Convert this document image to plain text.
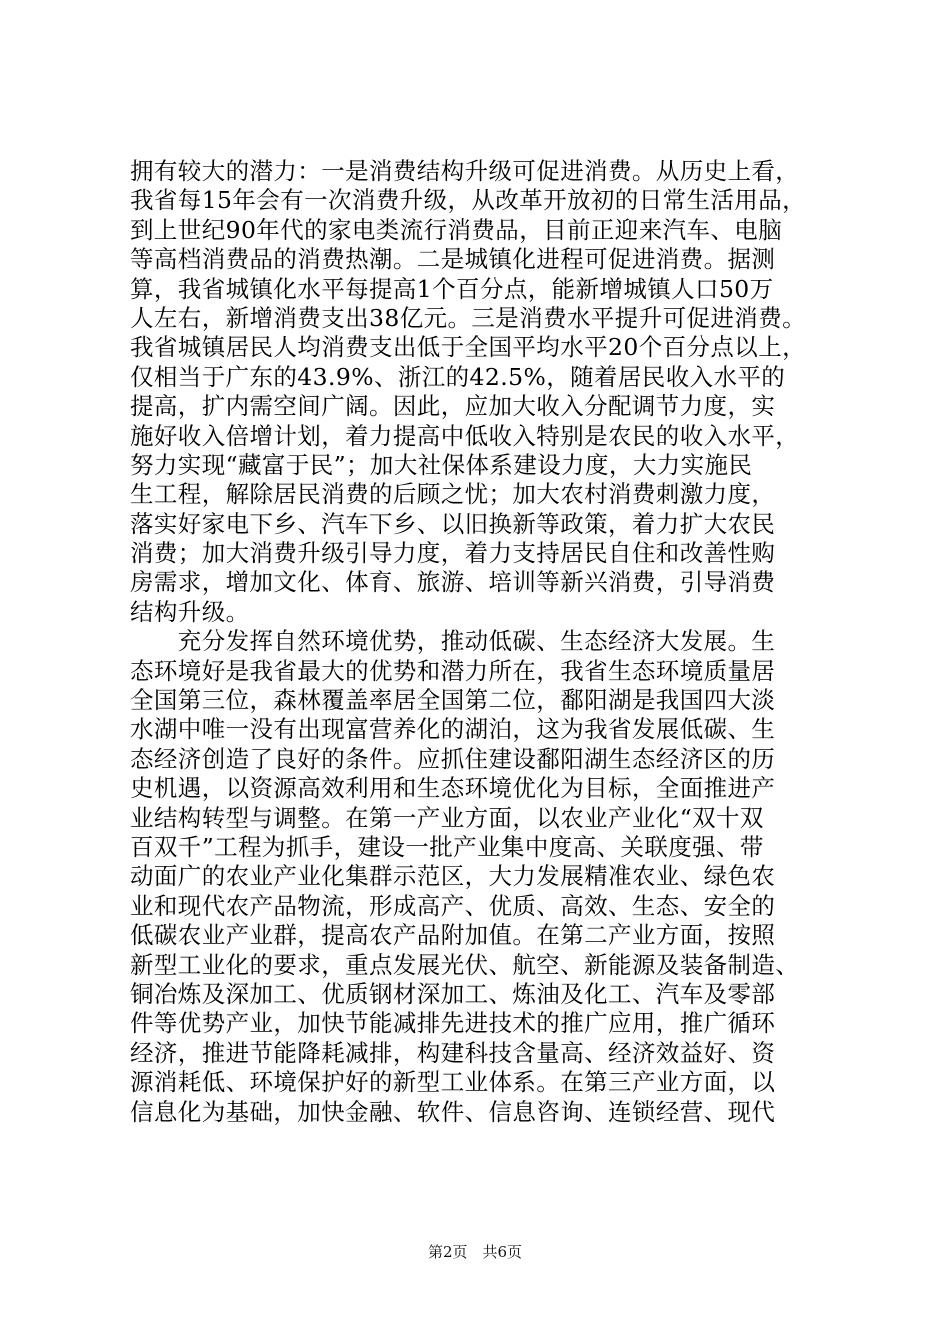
拥有较大的潜力：一是消费结构升级可促进消费。从历史上看，
我省每15年会有一次消费升级，从改革开放初的日常生活用品，
到上世纪90年代的家电类流行消费品，目前正迎来汽车、电脑
等高档消费品的消费热潮。二是城镇化进程可促进消费。据测
算，我省城镇化水平每提高1个百分点，能新增城镇人口50万
人左右，新增消费支出38亿元。三是消费水平提升可促进消费。
我省城镇居民人均消费支出低于全国平均水平20个百分点以上，
仅相当于广东的43.9%、浙江的42.5%，随着居民收入水平的
提高，扩内需空间广阔。因此，应加大收入分配调节力度，实
施好收入倍增计划，着力提高中低收入特别是农民的收入水平，
努力实现“藏富于民”；加大社保体系建设力度，大力实施民
生工程，解除居民消费的后顾之忧；加大农村消费刺激力度，
落实好家电下乡、汽车下乡、以旧换新等政策，着力扩大农民
消费；加大消费升级引导力度，着力支持居民自住和改善性购
房需求，增加文化、体育、旅游、培训等新兴消费，引导消费
结构升级。
　　充分发挥自然环境优势，推动低碳、生态经济大发展。生
态环境好是我省最大的优势和潜力所在，我省生态环境质量居
全国第三位，森林覆盖率居全国第二位，鄱阳湖是我国四大淡
水湖中唯一没有出现富营养化的湖泊，这为我省发展低碳、生
态经济创造了良好的条件。应抓住建设鄱阳湖生态经济区的历
史机遇，以资源高效利用和生态环境优化为目标，全面推进产
业结构转型与调整。在第一产业方面，以农业产业化“双十双
百双千”工程为抓手，建设一批产业集中度高、关联度强、带
动面广的农业产业化集群示范区，大力发展精准农业、绿色农
业和现代农产品物流，形成高产、优质、高效、生态、安全的
低碳农业产业群，提高农产品附加值。在第二产业方面，按照
新型工业化的要求，重点发展光伏、航空、新能源及装备制造、
铜冶炼及深加工、优质钢材深加工、炼油及化工、汽车及零部
件等优势产业，加快节能减排先进技术的推广应用，推广循环
经济，推进节能降耗减排，构建科技含量高、经济效益好、资
源消耗低、环境保护好的新型工业体系。在第三产业方面，以
信息化为基础，加快金融、软件、信息咨询、连锁经营、现代
第2页　共6页
